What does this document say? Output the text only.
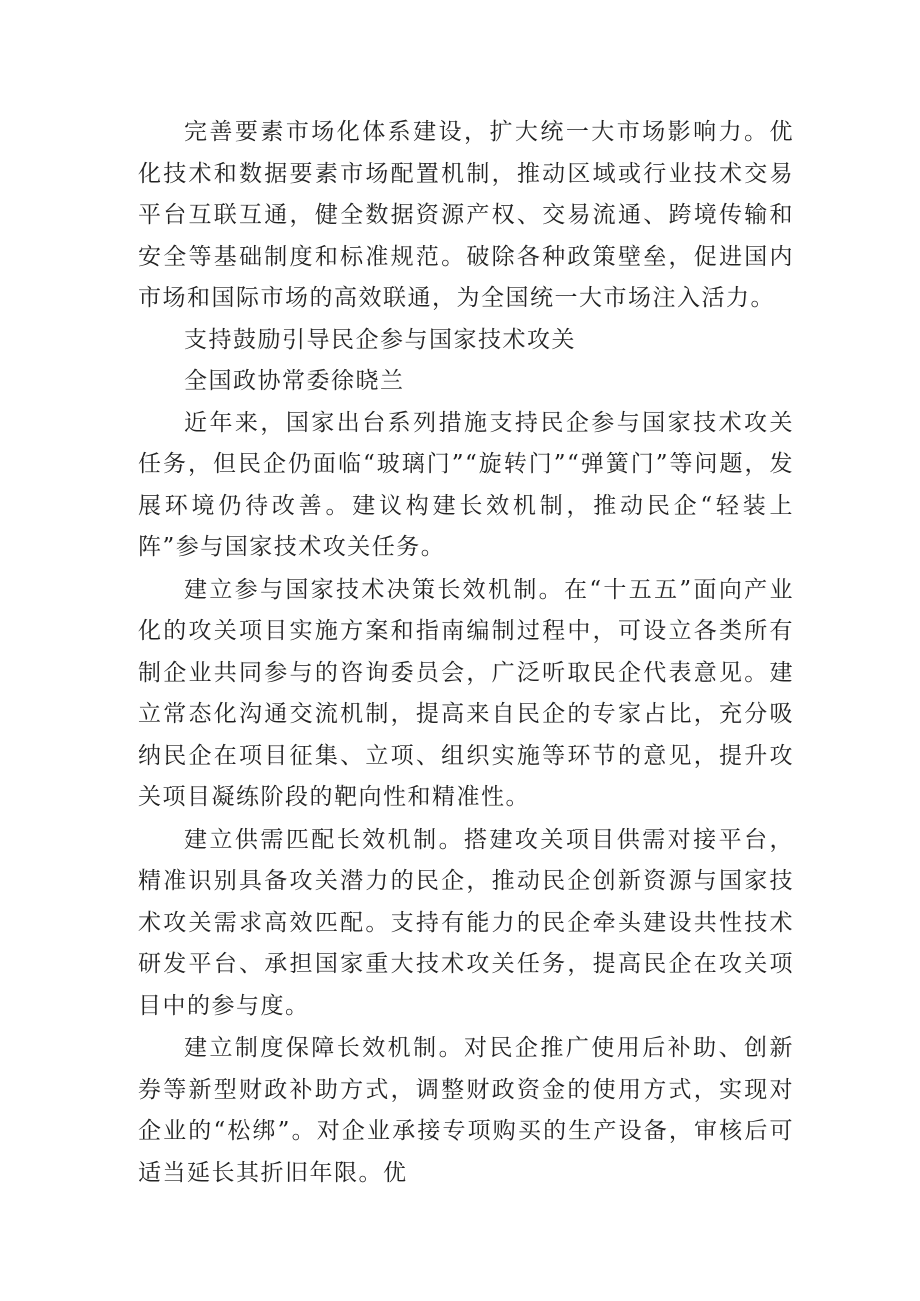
完善要素市场化体系建设，扩大统一大市场影响力。优化技术和数据要素市场配置机制，推动区域或行业技术交易平台互联互通，健全数据资源产权、交易流通、跨境传输和安全等基础制度和标准规范。破除各种政策壁垒，促进国内市场和国际市场的高效联通，为全国统一大市场注入活力。

支持鼓励引导民企参与国家技术攻关

全国政协常委徐晓兰

近年来，国家出台系列措施支持民企参与国家技术攻关任务，但民企仍面临“玻璃门”“旋转门”“弹簧门”等问题，发展环境仍待改善。建议构建长效机制，推动民企“轻装上阵”参与国家技术攻关任务。

建立参与国家技术决策长效机制。在“十五五”面向产业化的攻关项目实施方案和指南编制过程中，可设立各类所有制企业共同参与的咨询委员会，广泛听取民企代表意见。建立常态化沟通交流机制，提高来自民企的专家占比，充分吸纳民企在项目征集、立项、组织实施等环节的意见，提升攻关项目凝练阶段的靶向性和精准性。

建立供需匹配长效机制。搭建攻关项目供需对接平台，精准识别具备攻关潜力的民企，推动民企创新资源与国家技术攻关需求高效匹配。支持有能力的民企牵头建设共性技术研发平台、承担国家重大技术攻关任务，提高民企在攻关项目中的参与度。

建立制度保障长效机制。对民企推广使用后补助、创新券等新型财政补助方式，调整财政资金的使用方式，实现对企业的“松绑”。对企业承接专项购买的生产设备，审核后可适当延长其折旧年限。优
